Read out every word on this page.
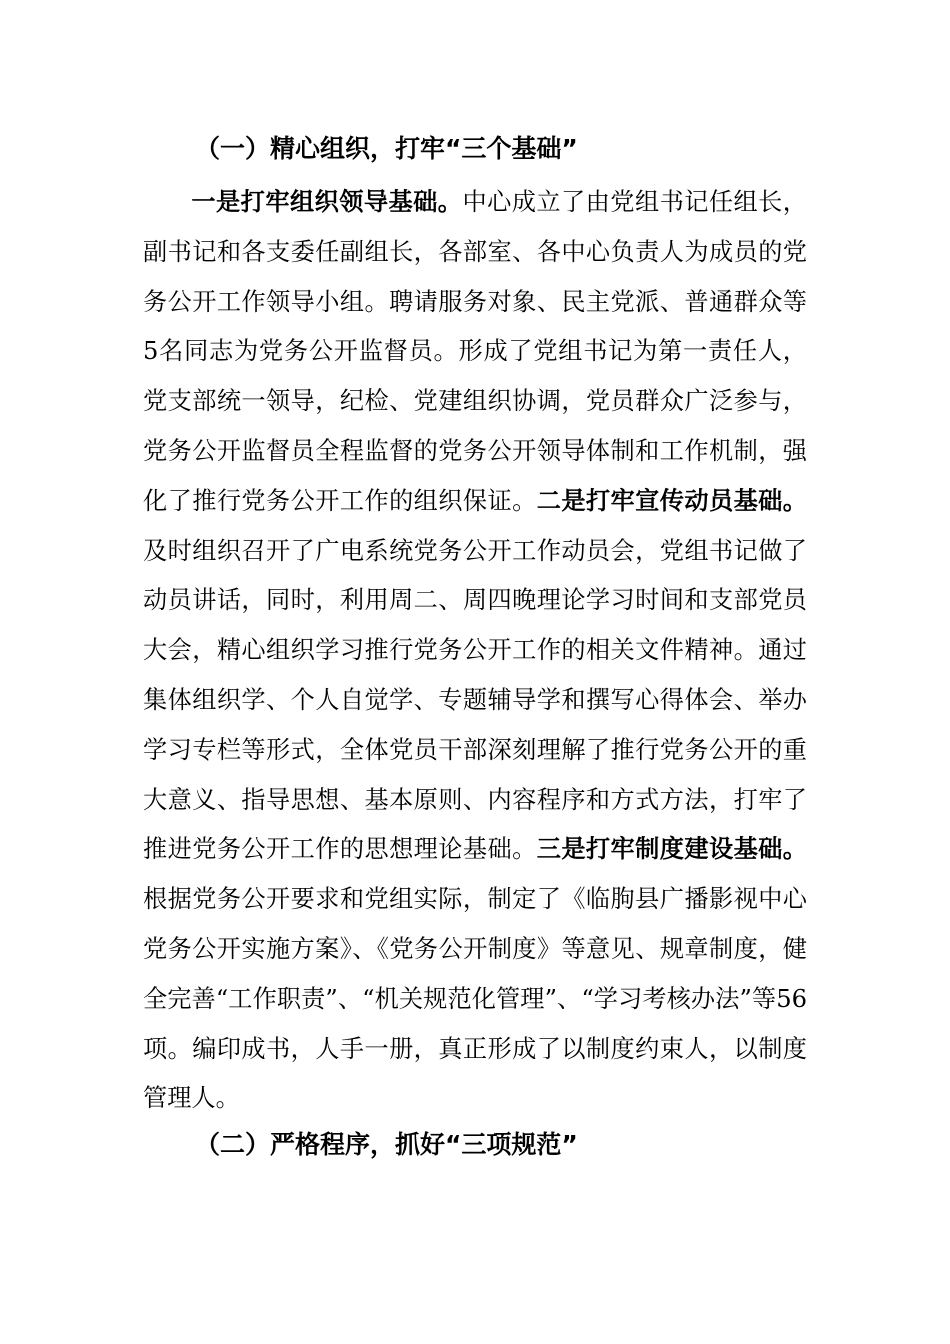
（一）精心组织，打牢“三个基础”

一是打牢组织领导基础。中心成立了由党组书记任组长，副书记和各支委任副组长，各部室、各中心负责人为成员的党务公开工作领导小组。聘请服务对象、民主党派、普通群众等5名同志为党务公开监督员。形成了党组书记为第一责任人，党支部统一领导，纪检、党建组织协调，党员群众广泛参与，党务公开监督员全程监督的党务公开领导体制和工作机制，强化了推行党务公开工作的组织保证。二是打牢宣传动员基础。及时组织召开了广电系统党务公开工作动员会，党组书记做了动员讲话，同时，利用周二、周四晚理论学习时间和支部党员大会，精心组织学习推行党务公开工作的相关文件精神。通过集体组织学、个人自觉学、专题辅导学和撰写心得体会、举办学习专栏等形式，全体党员干部深刻理解了推行党务公开的重大意义、指导思想、基本原则、内容程序和方式方法，打牢了推进党务公开工作的思想理论基础。三是打牢制度建设基础。根据党务公开要求和党组实际，制定了《临朐县广播影视中心党务公开实施方案》、《党务公开制度》等意见、规章制度，健全完善“工作职责”、“机关规范化管理”、“学习考核办法”等56项。编印成书，人手一册，真正形成了以制度约束人，以制度管理人。

（二）严格程序，抓好“三项规范”
